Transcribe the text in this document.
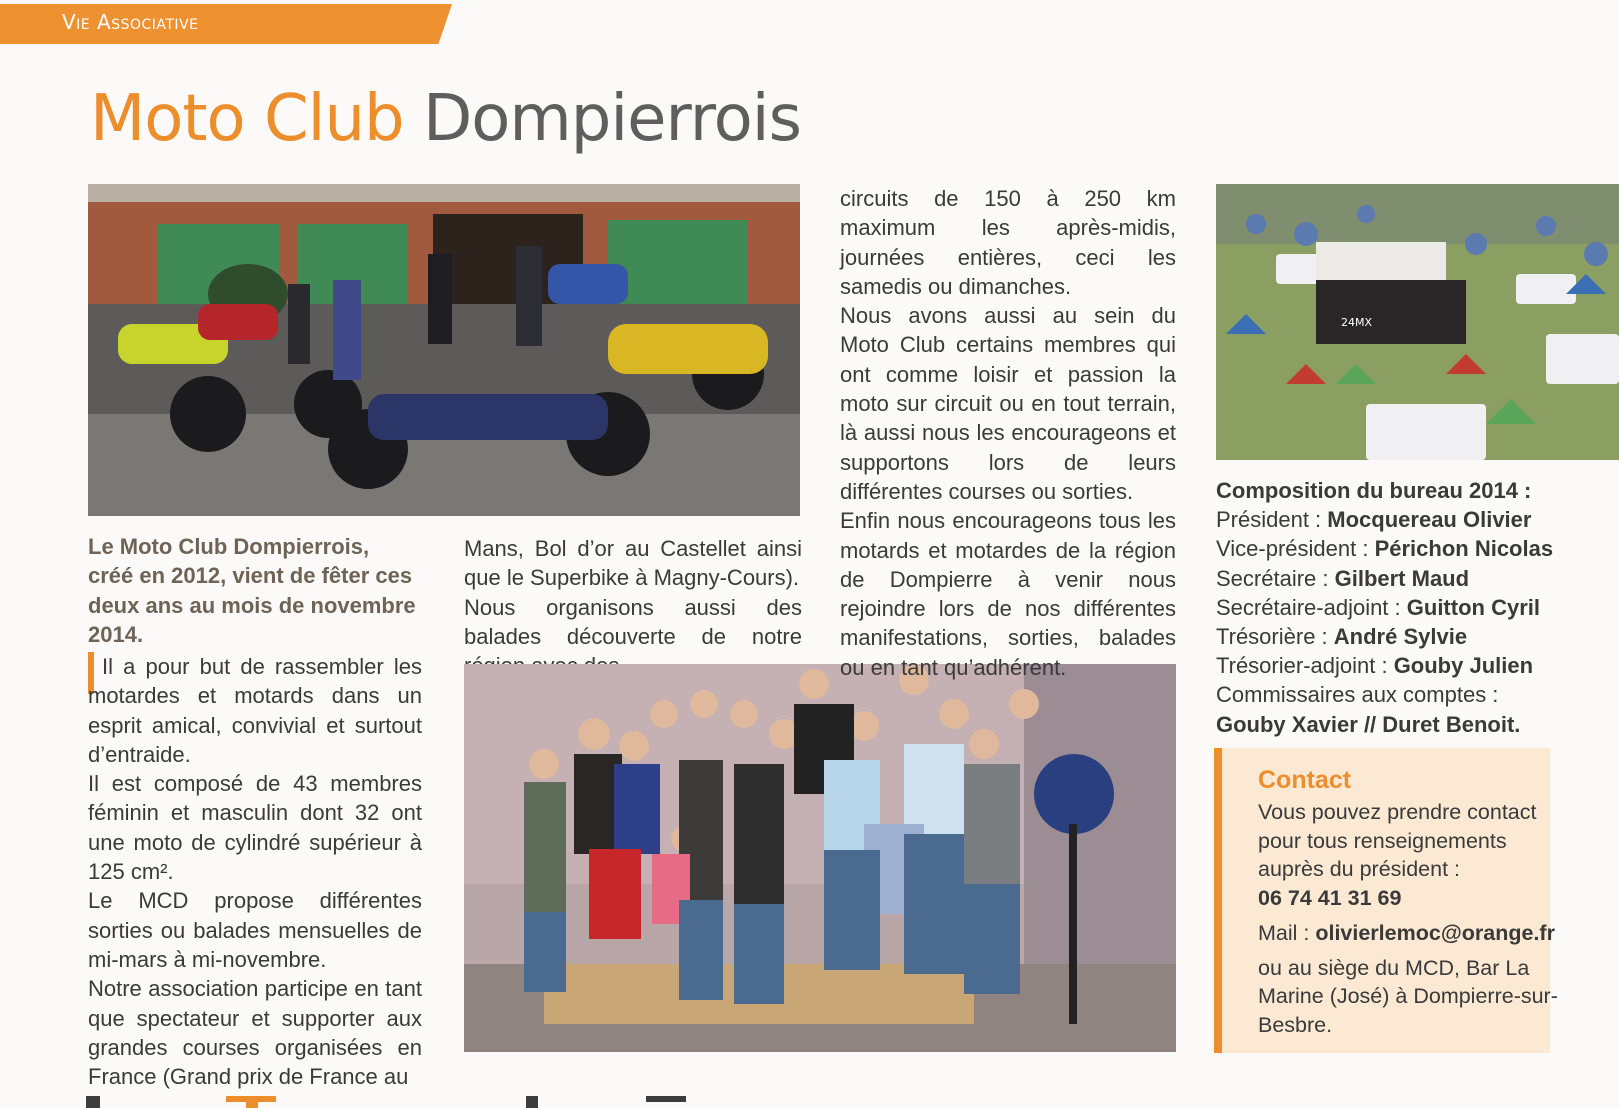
Vie Associative
Moto Club Dompierrois
24MX

Le Moto Club Dompierrois, créé en 2012, vient de fêter ces deux ans au mois de novembre 2014.

Il a pour but de rassembler les motardes et motards dans un esprit amical, convivial et surtout d’entraide.

Il est composé de 43 membres féminin et masculin dont 32 ont une moto de cylindré supérieur à 125 cm².

Le MCD propose différentes sorties ou balades mensuelles de mi-mars à mi-novembre.

Notre association participe en tant que spectateur et supporter aux grandes courses organisées en France (Grand prix de France au

Mans, Bol d’or au Castellet ainsi que le Superbike à Magny-Cours).

Nous organisons aussi des balades découverte de notre

circuits de 150 à 250 km maximum les après-midis, journées entières, ceci les samedis ou dimanches.

Nous avons aussi au sein du Moto Club certains membres qui ont comme loisir et passion la moto sur circuit ou en tout terrain, là aussi nous les encourageons et supportons lors de leurs différentes courses ou sorties.

Enfin nous encourageons tous les motards et motardes de la région de Dompierre à venir nous rejoindre lors de nos différentes manifestations, sorties, balades ou en tant qu’adhérent.

Composition du bureau 2014 :

Président : Mocquereau Olivier

Vice-président : Périchon Nicolas

Secrétaire : Gilbert Maud

Secrétaire-adjoint : Guitton Cyril

Trésorière : André Sylvie

Trésorier-adjoint : Gouby Julien

Commissaires aux comptes :

Gouby Xavier // Duret Benoit.

Contact

Vous pouvez prendre contact pour tous renseignements auprès du président :

06 74 41 31 69

Mail : olivierlemoc@orange.fr

ou au siège du MCD, Bar La Marine (José) à Dompierre-sur-Besbre.
